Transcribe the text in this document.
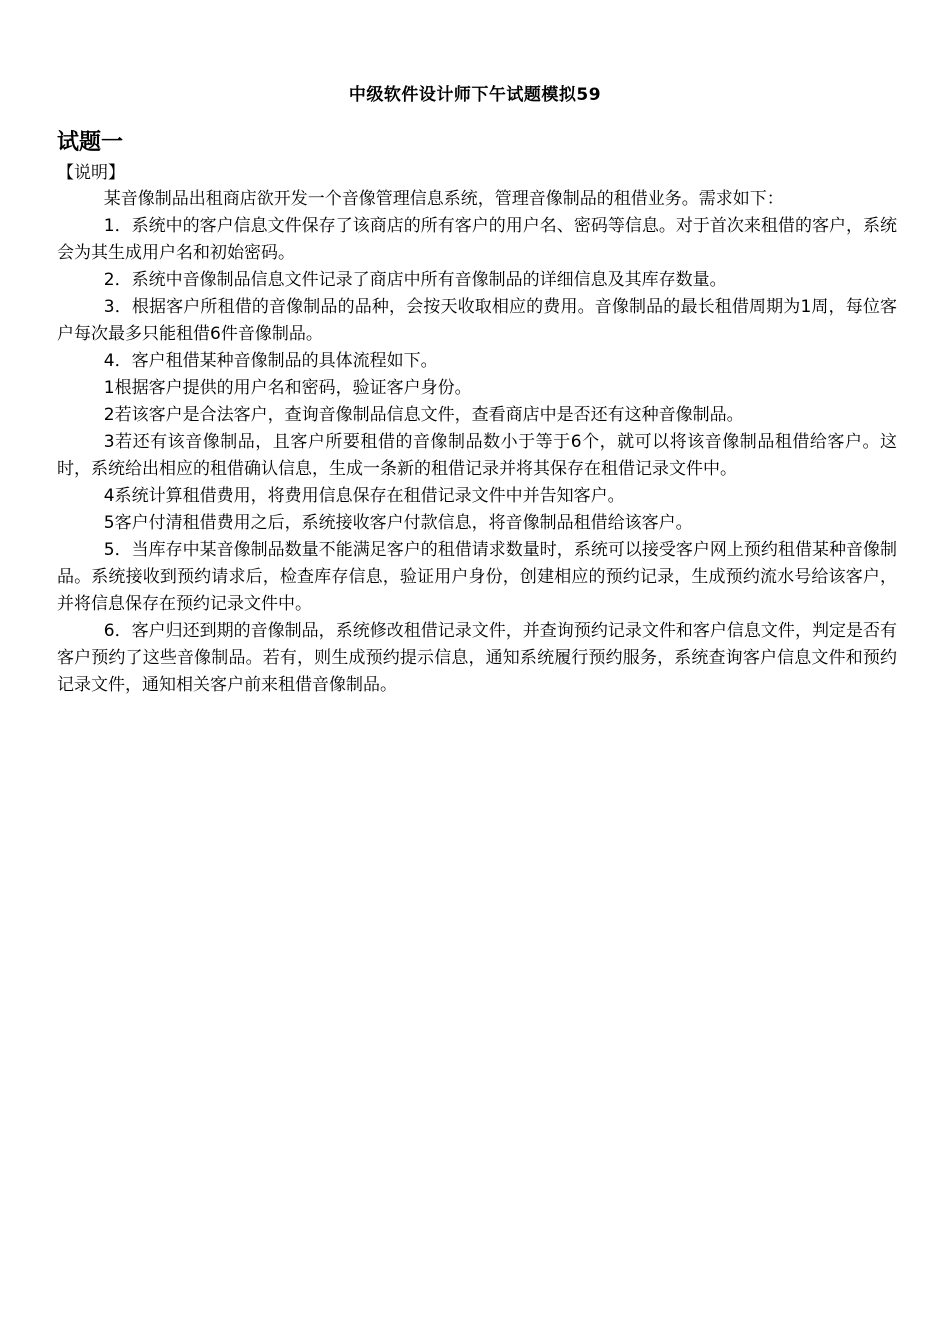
中级软件设计师下午试题模拟59
试题一
【说明】

某音像制品出租商店欲开发一个音像管理信息系统，管理音像制品的租借业务。需求如下：

1．系统中的客户信息文件保存了该商店的所有客户的用户名、密码等信息。对于首次来租借的客户，系统会为其生成用户名和初始密码。

2．系统中音像制品信息文件记录了商店中所有音像制品的详细信息及其库存数量。

3．根据客户所租借的音像制品的品种，会按天收取相应的费用。音像制品的最长租借周期为1周，每位客户每次最多只能租借6件音像制品。

4．客户租借某种音像制品的具体流程如下。

1根据客户提供的用户名和密码，验证客户身份。

2若该客户是合法客户，查询音像制品信息文件，查看商店中是否还有这种音像制品。

3若还有该音像制品，且客户所要租借的音像制品数小于等于6个，就可以将该音像制品租借给客户。这时，系统给出相应的租借确认信息，生成一条新的租借记录并将其保存在租借记录文件中。

4系统计算租借费用，将费用信息保存在租借记录文件中并告知客户。

5客户付清租借费用之后，系统接收客户付款信息，将音像制品租借给该客户。

5．当库存中某音像制品数量不能满足客户的租借请求数量时，系统可以接受客户网上预约租借某种音像制品。系统接收到预约请求后，检查库存信息，验证用户身份，创建相应的预约记录，生成预约流水号给该客户，并将信息保存在预约记录文件中。

6．客户归还到期的音像制品，系统修改租借记录文件，并查询预约记录文件和客户信息文件，判定是否有客户预约了这些音像制品。若有，则生成预约提示信息，通知系统履行预约服务，系统查询客户信息文件和预约记录文件，通知相关客户前来租借音像制品。
